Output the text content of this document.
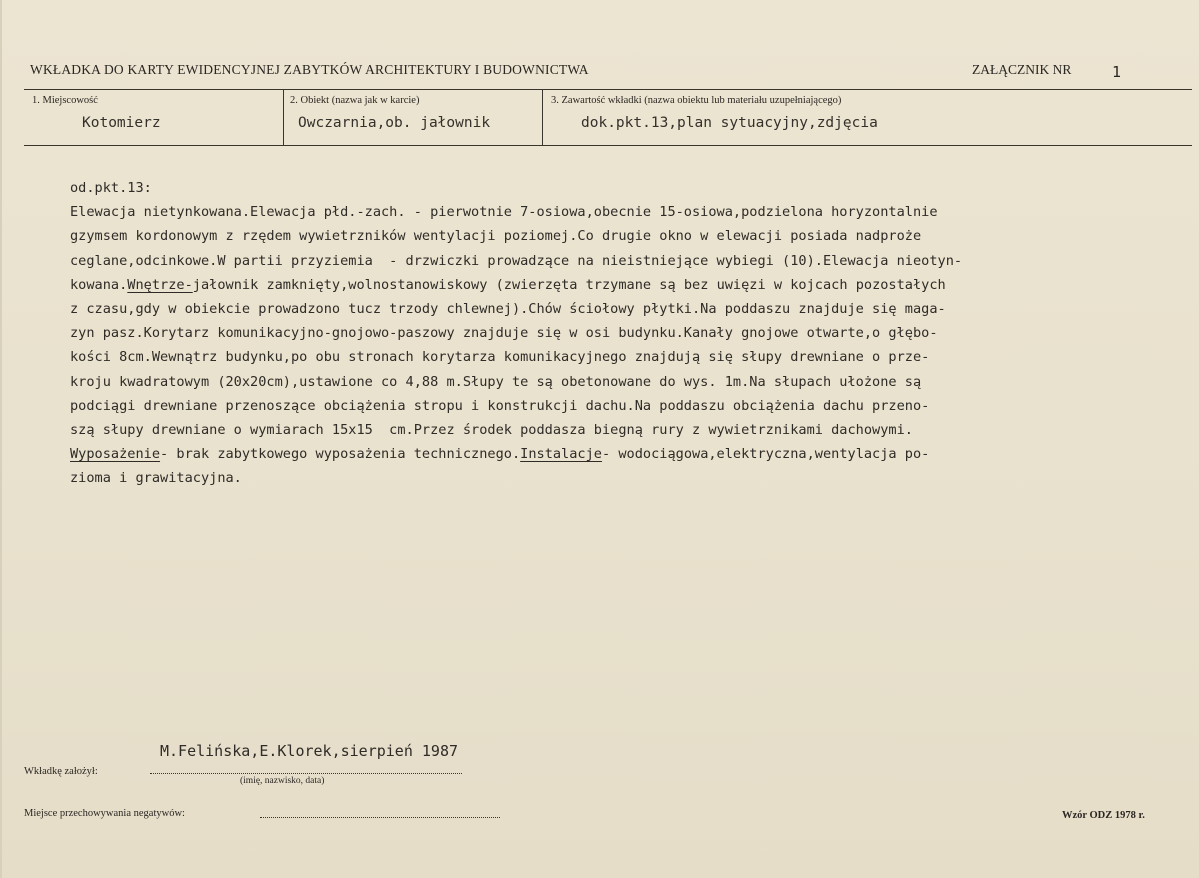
WKŁADKA DO KARTY EWIDENCYJNEJ ZABYTKÓW ARCHITEKTURY I BUDOWNICTWA	ZAŁĄCZNIK NR	1
1. Miejscowość
Kotomierz
2. Obiekt (nazwa jak w karcie)
Owczarnia,ob. jałownik
3. Zawartość wkładki (nazwa obiektu lub materiału uzupełniającego)
dok.pkt.13,plan sytuacyjny,zdjęcia
od.pkt.13:
Elewacja nietynkowana.Elewacja płd.-zach. - pierwotnie 7-osiowa,obecnie 15-osiowa,podzielona horyzontalnie
gzymsem kordonowym z rzędem wywietrzników wentylacji poziomej.Co drugie okno w elewacji posiada nadproże
ceglane,odcinkowe.W partii przyziemia  - drzwiczki prowadzące na nieistniejące wybiegi (10).Elewacja nieotyn-
kowana.Wnętrze-jałownik zamknięty,wolnostanowiskowy (zwierzęta trzymane są bez uwięzi w kojcach pozostałych
z czasu,gdy w obiekcie prowadzono tucz trzody chlewnej).Chów ściołowy płytki.Na poddaszu znajduje się maga-
zyn pasz.Korytarz komunikacyjno-gnojowo-paszowy znajduje się w osi budynku.Kanały gnojowe otwarte,o głębo-
kości 8cm.Wewnątrz budynku,po obu stronach korytarza komunikacyjnego znajdują się słupy drewniane o prze-
kroju kwadratowym (20x20cm),ustawione co 4,88 m.Słupy te są obetonowane do wys. 1m.Na słupach ułożone są
podciągi drewniane przenoszące obciążenia stropu i konstrukcji dachu.Na poddaszu obciążenia dachu przeno-
szą słupy drewniane o wymiarach 15x15  cm.Przez środek poddasza biegną rury z wywietrznikami dachowymi.
Wyposażenie- brak zabytkowego wyposażenia technicznego.Instalacje- wodociągowa,elektryczna,wentylacja po-
zioma i grawitacyjna.
M.Felińska,E.Klorek,sierpień 1987
Wkładkę założył:
(imię, nazwisko, data)
Miejsce przechowywania negatywów:	Wzór ODZ 1978 r.
